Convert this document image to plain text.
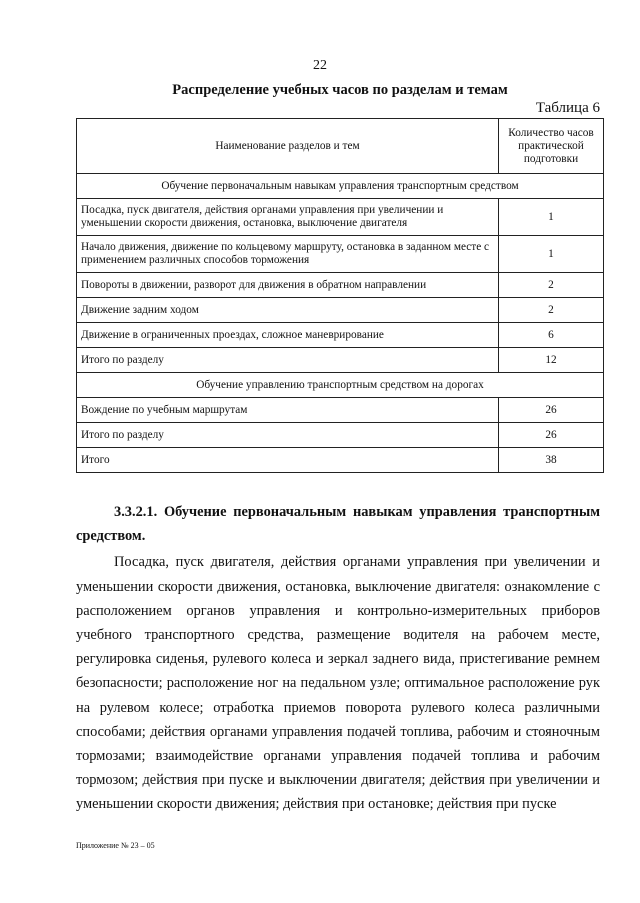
22
Распределение учебных часов по разделам и темам
Таблица 6
Наименование разделов и тем	Количество часов практической подготовки
Обучение первоначальным навыкам управления транспортным средством	
Посадка, пуск двигателя, действия органами управления при увеличении и уменьшении скорости движения, остановка, выключение двигателя	1
Начало движения, движение по кольцевому маршруту, остановка в заданном месте с применением различных способов торможения	1
Повороты в движении, разворот для движения в обратном направлении	2
Движение задним ходом	2
Движение в ограниченных проездах, сложное маневрирование	6
Итого по разделу	12
Обучение управлению транспортным средством на дорогах	
Вождение по учебным маршрутам	26
Итого по разделу	26
Итого	38

3.3.2.1. Обучение первоначальным навыкам управления транспортным средством.

Посадка, пуск двигателя, действия органами управления при увеличении и уменьшении скорости движения, остановка, выключение двигателя: ознакомление с расположением органов управления и контрольно-измерительных приборов учебного транспортного средства, размещение водителя на рабочем месте, регулировка сиденья, рулевого колеса и зеркал заднего вида, пристегивание ремнем безопасности; расположение ног на педальном узле; оптимальное расположение рук на рулевом колесе; отработка приемов поворота рулевого колеса различными способами; действия органами управления подачей топлива, рабочим и стояночным тормозами; взаимодействие органами управления подачей топлива и рабочим тормозом; действия при пуске и выключении двигателя; действия при увеличении и уменьшении скорости движения; действия при остановке; действия при пуске

Приложение № 23 – 05
